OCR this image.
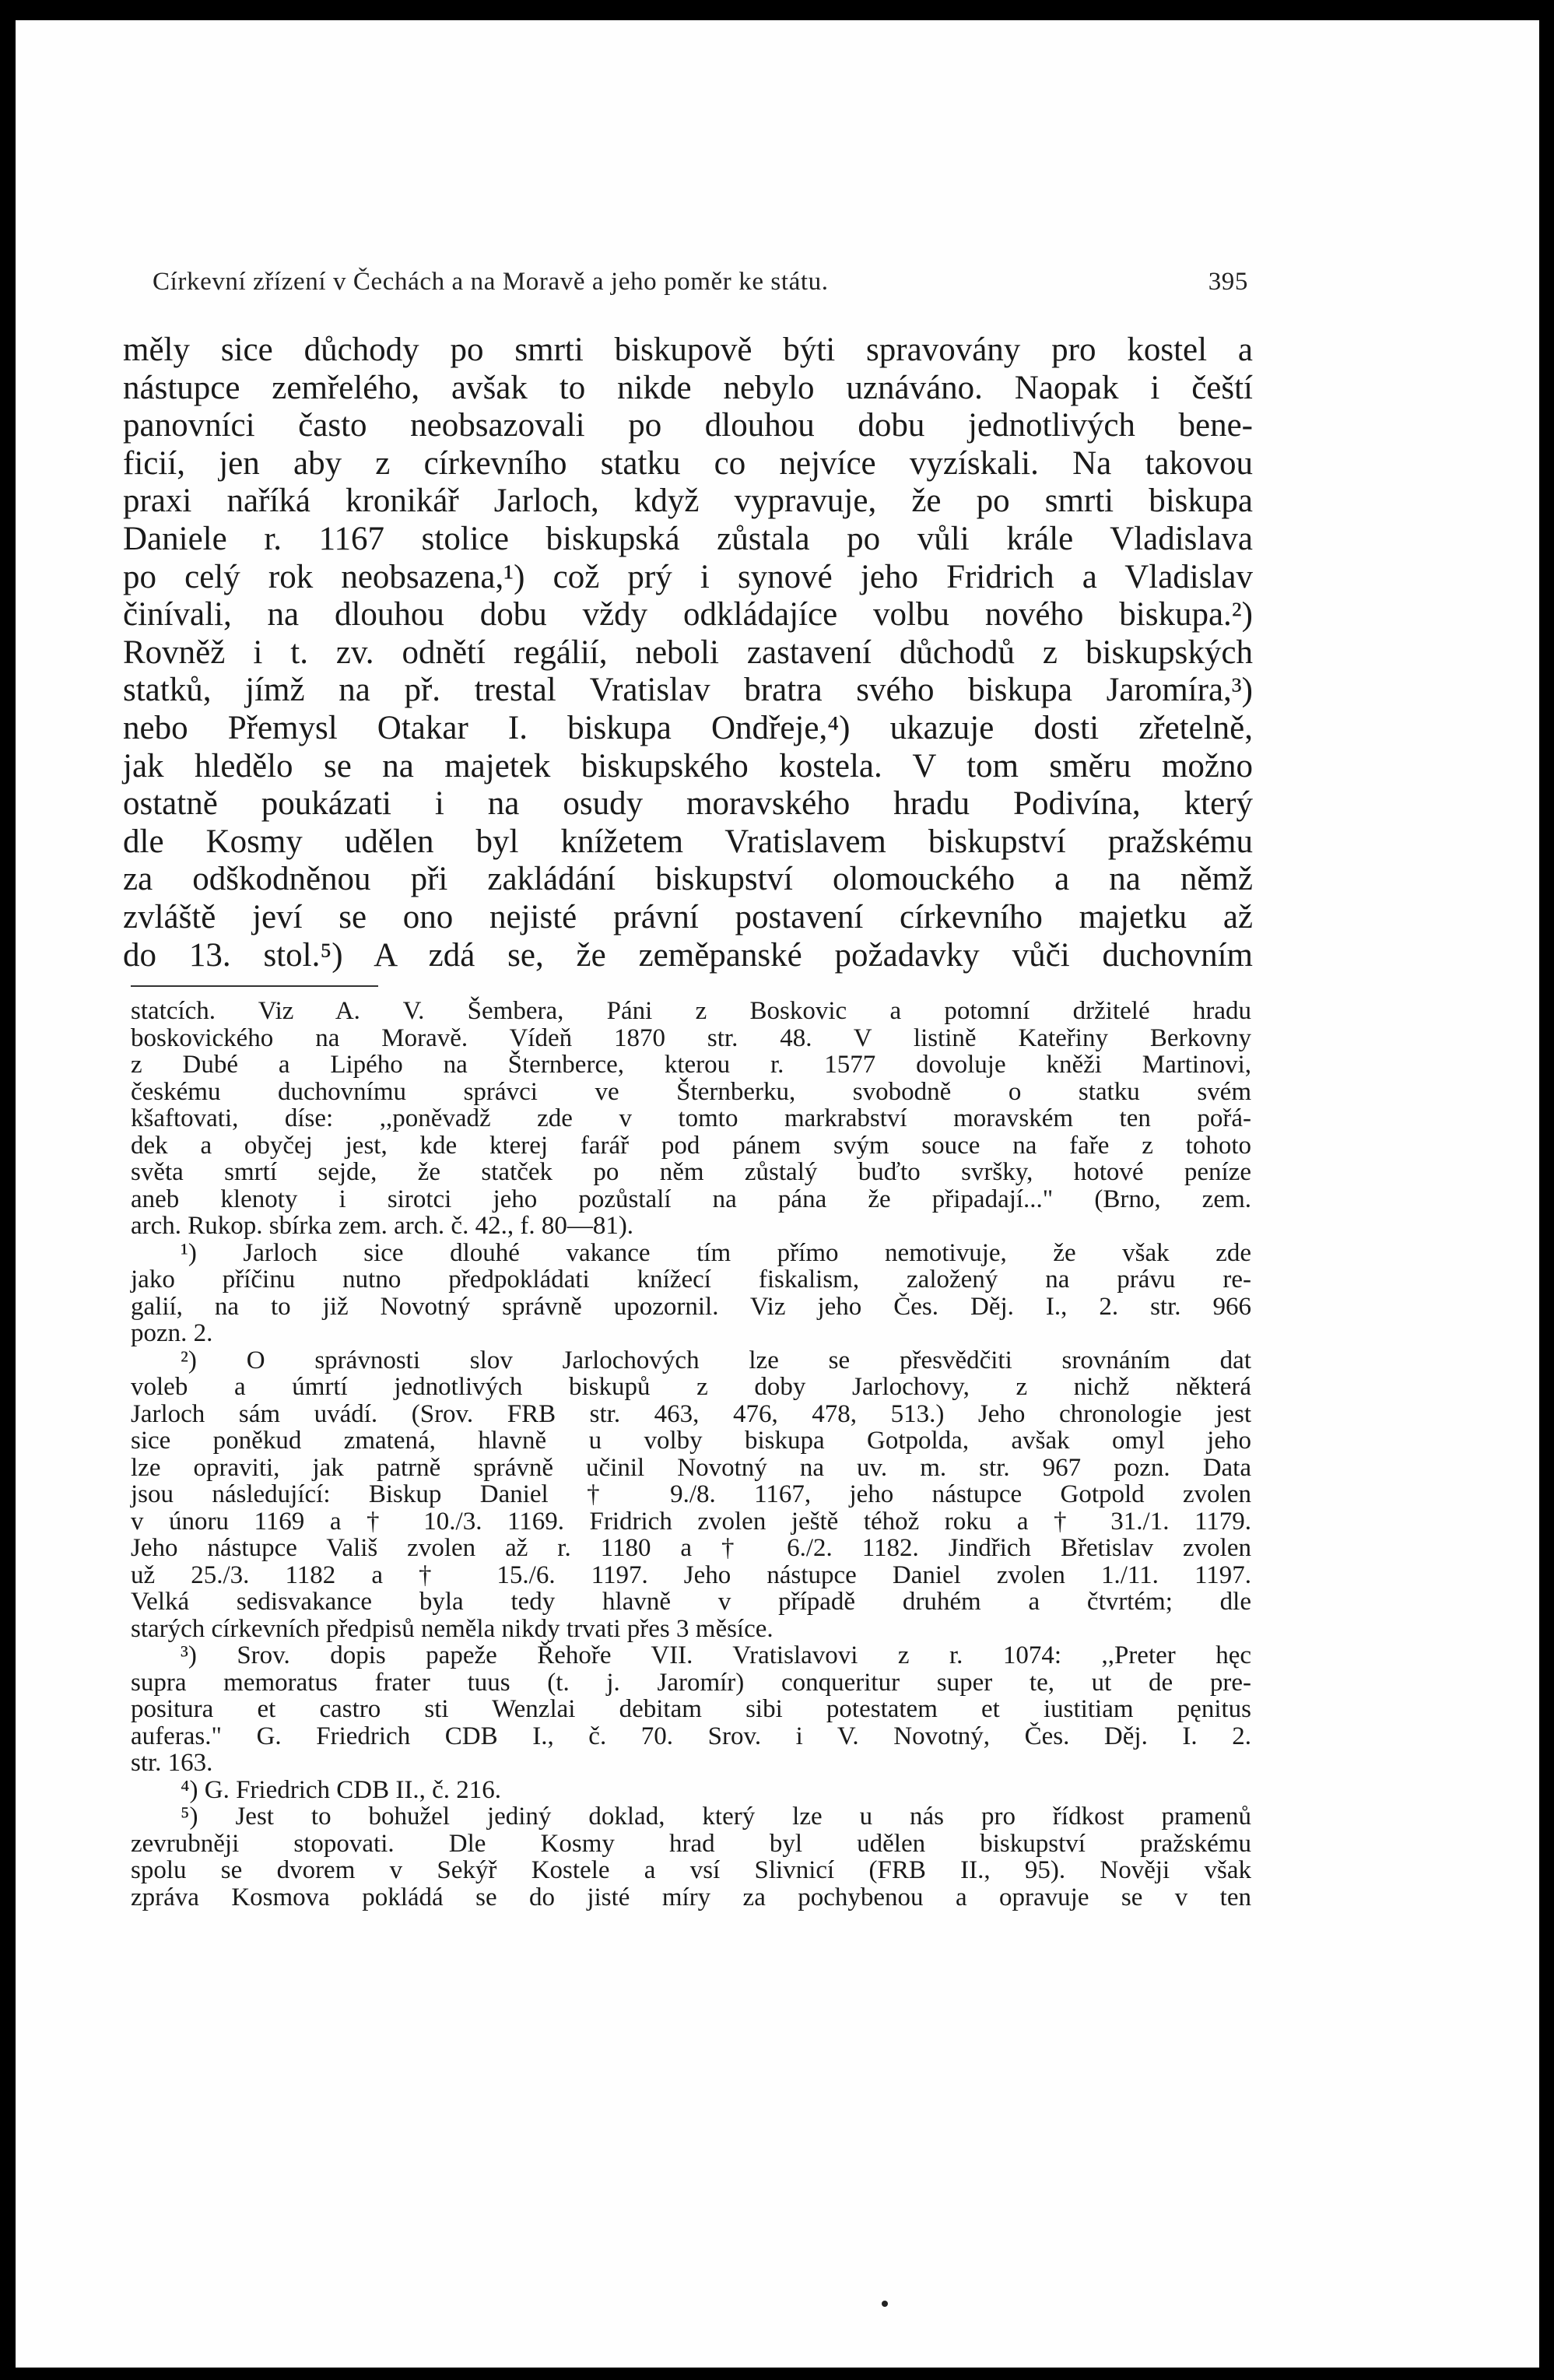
Církevní zřízení v Čechách a na Moravě a jeho poměr ke státu.	395
měly sice důchody po smrti biskupově býti spravovány pro kostel a
nástupce zemřelého, avšak to nikde nebylo uznáváno. Naopak i čeští
panovníci často neobsazovali po dlouhou dobu jednotlivých bene-
ficií, jen aby z církevního statku co nejvíce vyzískali. Na takovou
praxi naříká kronikář Jarloch, když vypravuje, že po smrti biskupa
Daniele r. 1167 stolice biskupská zůstala po vůli krále Vladislava
po celý rok neobsazena,¹) což prý i synové jeho Fridrich a Vladislav
činívali, na dlouhou dobu vždy odkládajíce volbu nového biskupa.²)
Rovněž i t. zv. odnětí regálií, neboli zastavení důchodů z biskupských
statků, jímž na př. trestal Vratislav bratra svého biskupa Jaromíra,³)
nebo Přemysl Otakar I. biskupa Ondřeje,⁴) ukazuje dosti zřetelně,
jak hledělo se na majetek biskupského kostela. V tom směru možno
ostatně poukázati i na osudy moravského hradu Podivína, který
dle Kosmy udělen byl knížetem Vratislavem biskupství pražskému
za odškodněnou při zakládání biskupství olomouckého a na němž
zvláště jeví se ono nejisté právní postavení církevního majetku až
do 13. stol.⁵) A zdá se, že zeměpanské požadavky vůči duchovním
statcích. Viz A. V. Šembera, Páni z Boskovic a potomní držitelé hradu
boskovického na Moravě. Vídeň 1870 str. 48. V listině Kateřiny Berkovny
z Dubé a Lipého na Šternberce, kterou r. 1577 dovoluje kněži Martinovi,
českému duchovnímu správci ve Šternberku, svobodně o statku svém
kšaftovati, díse: ,,poněvadž zde v tomto markrabství moravském ten pořá-
dek a obyčej jest, kde kterej farář pod pánem svým souce na faře z tohoto
světa smrtí sejde, že statček po něm zůstalý buďto svršky, hotové peníze
aneb klenoty i sirotci jeho pozůstalí na pána že připadají..." (Brno, zem.
arch. Rukop. sbírka zem. arch. č. 42., f. 80—81).
¹) Jarloch sice dlouhé vakance tím přímo nemotivuje, že však zde
jako příčinu nutno předpokládati knížecí fiskalism, založený na právu re-
galií, na to již Novotný správně upozornil. Viz jeho Čes. Děj. I., 2. str. 966
pozn. 2.
²) O správnosti slov Jarlochových lze se přesvědčiti srovnáním dat
voleb a úmrtí jednotlivých biskupů z doby Jarlochovy, z nichž některá
Jarloch sám uvádí. (Srov. FRB str. 463, 476, 478, 513.) Jeho chronologie jest
sice poněkud zmatená, hlavně u volby biskupa Gotpolda, avšak omyl jeho
lze opraviti, jak patrně správně učinil Novotný na uv. m. str. 967 pozn. Data
jsou následující: Biskup Daniel † 9./8. 1167, jeho nástupce Gotpold zvolen
v únoru 1169 a † 10./3. 1169. Fridrich zvolen ještě téhož roku a † 31./1. 1179.
Jeho nástupce Vališ zvolen až r. 1180 a † 6./2. 1182. Jindřich Břetislav zvolen
už 25./3. 1182 a † 15./6. 1197. Jeho nástupce Daniel zvolen 1./11. 1197.
Velká sedisvakance byla tedy hlavně v případě druhém a čtvrtém; dle
starých církevních předpisů neměla nikdy trvati přes 3 měsíce.
³) Srov. dopis papeže Řehoře VII. Vratislavovi z r. 1074: ,,Preter hęc
supra memoratus frater tuus (t. j. Jaromír) conqueritur super te, ut de pre-
positura et castro sti Wenzlai debitam sibi potestatem et iustitiam pęnitus
auferas." G. Friedrich CDB I., č. 70. Srov. i V. Novotný, Čes. Děj. I. 2.
str. 163.
⁴) G. Friedrich CDB II., č. 216.
⁵) Jest to bohužel jediný doklad, který lze u nás pro řídkost pramenů
zevrubněji stopovati. Dle Kosmy hrad byl udělen biskupství pražskému
spolu se dvorem v Sekýř Kostele a vsí Slivnicí (FRB II., 95). Nověji však
zpráva Kosmova pokládá se do jisté míry za pochybenou a opravuje se v ten
